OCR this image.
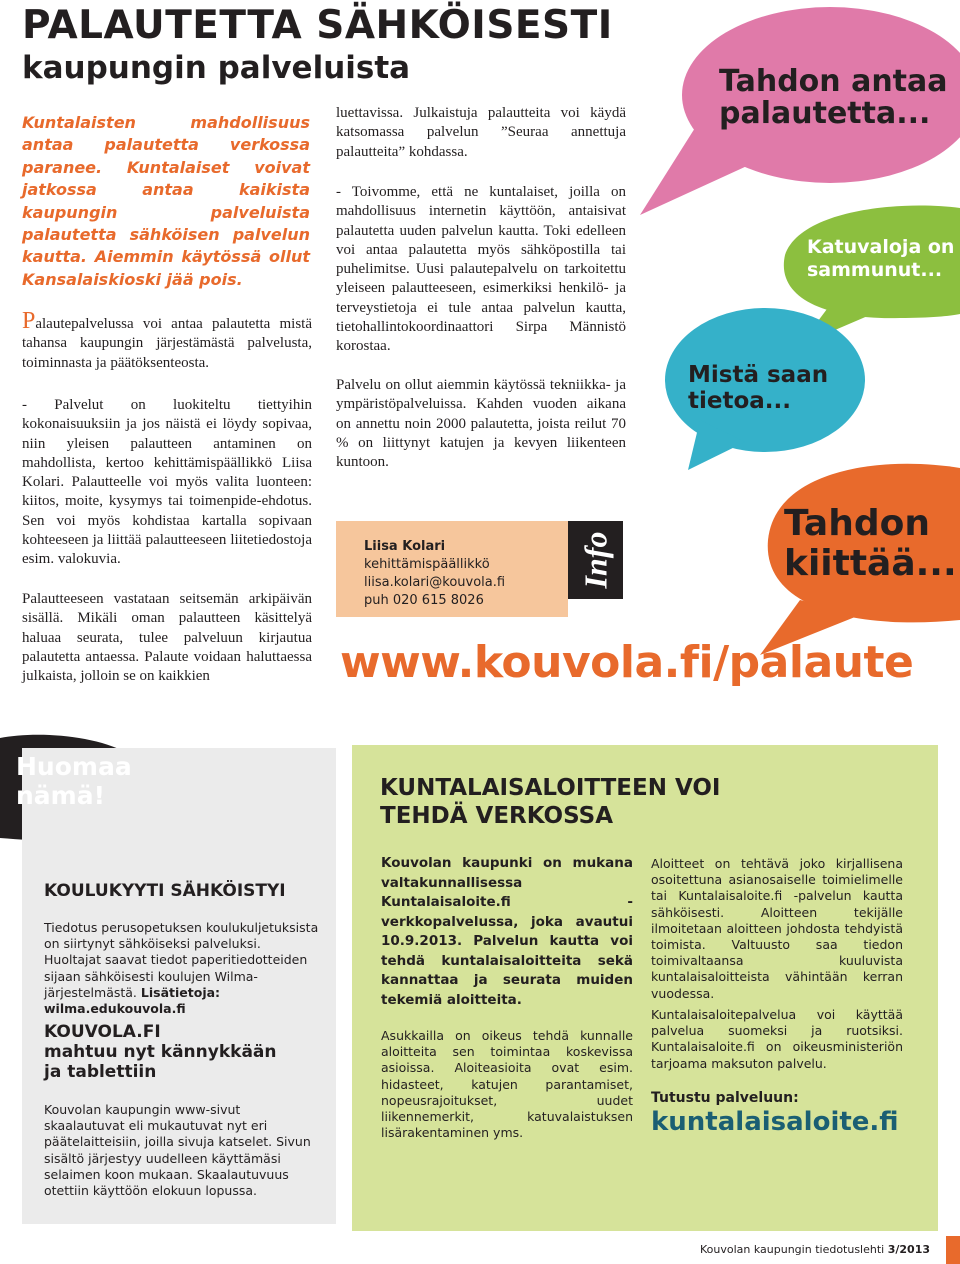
PALAUTETTA SÄHKÖISESTI
kaupungin palveluista
Kuntalaisten mahdollisuus antaa palautetta verkossa paranee. Kuntalaiset voivat jatkossa antaa kaikista kaupungin palveluista palautetta sähköisen palvelun kautta. Aiemmin käytössä ollut Kansalaiskioski jää pois.
Palautepalvelussa voi antaa palautetta mistä tahansa kaupungin järjestämästä palvelusta, toiminnasta ja päätöksenteosta.
- Palvelut on luokiteltu tiettyihin kokonaisuuksiin ja jos näistä ei löydy sopivaa, niin yleisen palautteen antaminen on mahdollista, kertoo kehittämispäällikkö Liisa Kolari. Palautteelle voi myös valita luonteen: kiitos, moite, kysymys tai toimenpide-ehdotus. Sen voi myös kohdistaa kartalla sopivaan kohteeseen ja liittää palautteeseen liitetiedostoja esim. valokuvia.
Palautteeseen vastataan seitsemän arkipäivän sisällä. Mikäli oman palautteen käsittelyä haluaa seurata, tulee palveluun kirjautua palautetta antaessa. Palaute voidaan haluttaessa julkaista, jolloin se on kaikkien
luettavissa. Julkaistuja palautteita voi käydä katsomassa palvelun ”Seuraa annettuja palautteita” kohdassa.
- Toivomme, että ne kuntalaiset, joilla on mahdollisuus internetin käyttöön, antaisivat palautetta uuden palvelun kautta. Toki edelleen voi antaa palautetta myös sähköpostilla tai puhelimitse. Uusi palautepalvelu on tarkoitettu yleiseen palautteeseen, esimerkiksi henkilö- ja terveystietoja ei tule antaa palvelun kautta, tietohallintokoordinaattori Sirpa Männistö korostaa.
Palvelu on ollut aiemmin käytössä tekniikka- ja ympäristöpalveluissa. Kahden vuoden aikana on annettu noin 2000 palautetta, joista reilut 70 % on liittynyt katujen ja kevyen liikenteen kuntoon.
Liisa Kolari
kehittämispäällikkö
liisa.kolari@kouvola.fi
puh 020 615 8026
Info
www.kouvola.fi/palaute
Tahdon antaa
palautetta...
Katuvaloja on
sammunut...
Mistä saan
tietoa...
Tahdon
kiittää...
Huomaa
nämä!
KOULUKYYTI SÄHKÖISTYI
Tiedotus perusopetuksen koulukuljetuksista on siirtynyt sähköiseksi palveluksi. Huoltajat saavat tiedot paperitiedotteiden sijaan sähköisesti koulujen Wilma-järjestelmästä. Lisätietoja: wilma.edukouvola.fi
KOUVOLA.FI
mahtuu nyt kännykkään
ja tablettiin
Kouvolan kaupungin www-sivut skaalautuvat eli mukautuvat nyt eri päätelaitteisiin, joilla sivuja katselet. Sivun sisältö järjestyy uudelleen käyttämäsi selaimen koon mukaan. Skaalautuvuus otettiin käyttöön elokuun lopussa.
KUNTALAISALOITTEEN VOI
TEHDÄ VERKOSSA
Kouvolan kaupunki on mukana valtakunnallisessa Kuntalaisaloite.fi -verkkopalvelussa, joka avautui 10.9.2013. Palvelun kautta voi tehdä kuntalaisaloitteita sekä kannattaa ja seurata muiden tekemiä aloitteita.
Asukkailla on oikeus tehdä kunnalle aloitteita sen toimintaa koskevissa asioissa. Aloiteasioita ovat esim. hidasteet, katujen parantamiset, nopeusrajoitukset, uudet liikennemerkit, katuvalaistuksen lisärakentaminen yms.
Aloitteet on tehtävä joko kirjallisena osoitettuna asianosaiselle toimielimelle tai Kuntalaisaloite.fi -palvelun kautta sähköisesti. Aloitteen tekijälle ilmoitetaan aloitteen johdosta tehdyistä toimista. Valtuusto saa tiedon toimivaltaansa kuuluvista kuntalaisaloitteista vähintään kerran vuodessa.
Kuntalaisaloitepalvelua voi käyttää palvelua suomeksi ja ruotsiksi. Kuntalaisaloite.fi on oikeusministeriön tarjoama maksuton palvelu.
Tutustu palveluun:
kuntalaisaloite.fi
Kouvolan kaupungin tiedotuslehti 3/2013
